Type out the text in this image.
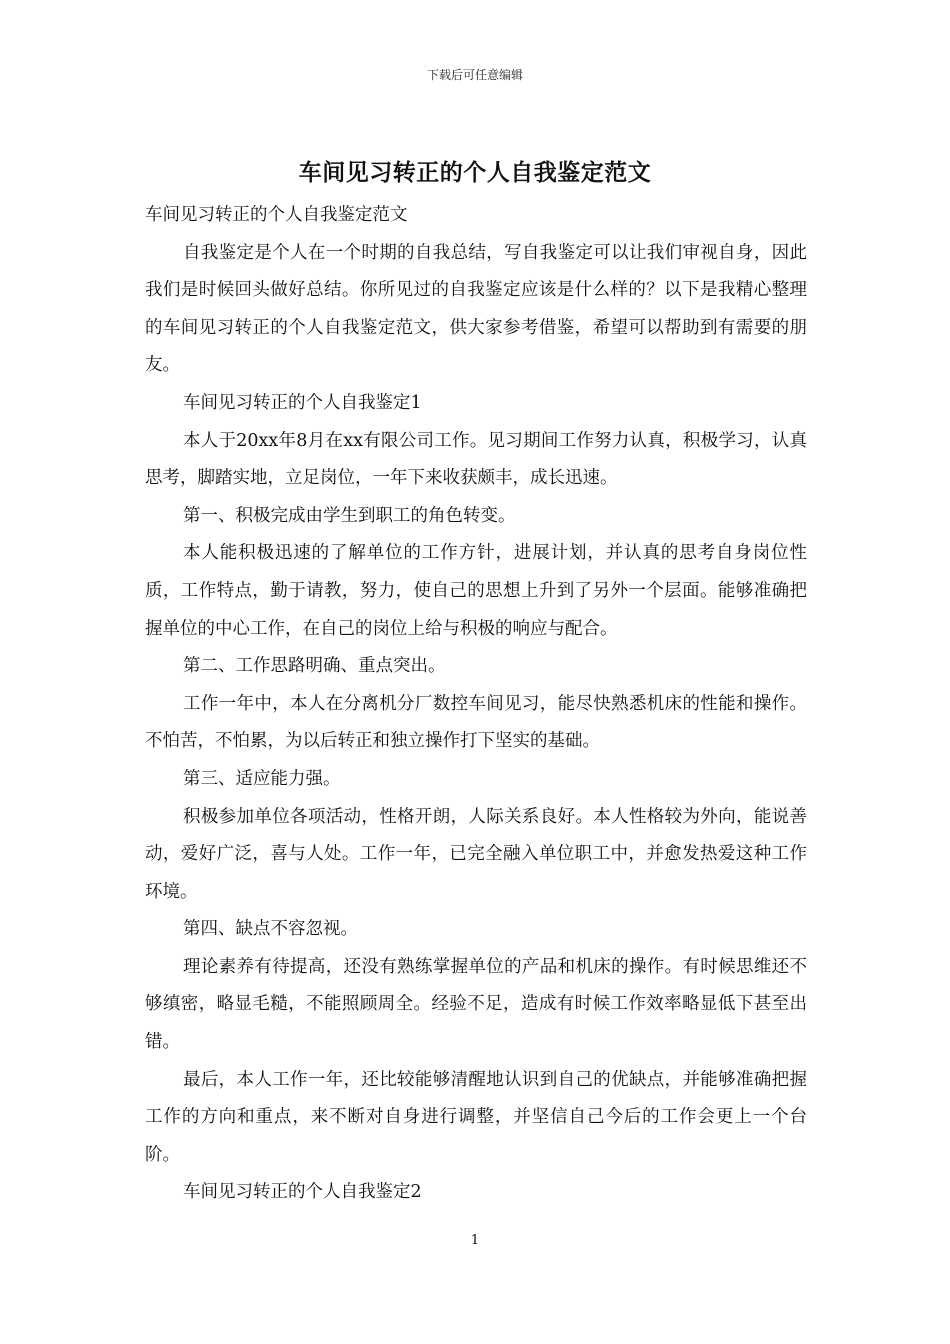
下载后可任意编辑
车间见习转正的个人自我鉴定范文

车间见习转正的个人自我鉴定范文

自我鉴定是个人在一个时期的自我总结，写自我鉴定可以让我们审视自身，因此我们是时候回头做好总结。你所见过的自我鉴定应该是什么样的？以下是我精心整理的车间见习转正的个人自我鉴定范文，供大家参考借鉴，希望可以帮助到有需要的朋友。

车间见习转正的个人自我鉴定1

本人于20xx年8月在xx有限公司工作。见习期间工作努力认真，积极学习，认真思考，脚踏实地，立足岗位，一年下来收获颇丰，成长迅速。

第一、积极完成由学生到职工的角色转变。

本人能积极迅速的了解单位的工作方针，进展计划，并认真的思考自身岗位性质，工作特点，勤于请教，努力，使自己的思想上升到了另外一个层面。能够准确把握单位的中心工作，在自己的岗位上给与积极的响应与配合。

第二、工作思路明确、重点突出。

工作一年中，本人在分离机分厂数控车间见习，能尽快熟悉机床的性能和操作。不怕苦，不怕累，为以后转正和独立操作打下坚实的基础。

第三、适应能力强。

积极参加单位各项活动，性格开朗，人际关系良好。本人性格较为外向，能说善动，爱好广泛，喜与人处。工作一年，已完全融入单位职工中，并愈发热爱这种工作环境。

第四、缺点不容忽视。

理论素养有待提高，还没有熟练掌握单位的产品和机床的操作。有时候思维还不够缜密，略显毛糙，不能照顾周全。经验不足，造成有时候工作效率略显低下甚至出错。

最后，本人工作一年，还比较能够清醒地认识到自己的优缺点，并能够准确把握工作的方向和重点，来不断对自身进行调整，并坚信自己今后的工作会更上一个台阶。

车间见习转正的个人自我鉴定2

1
